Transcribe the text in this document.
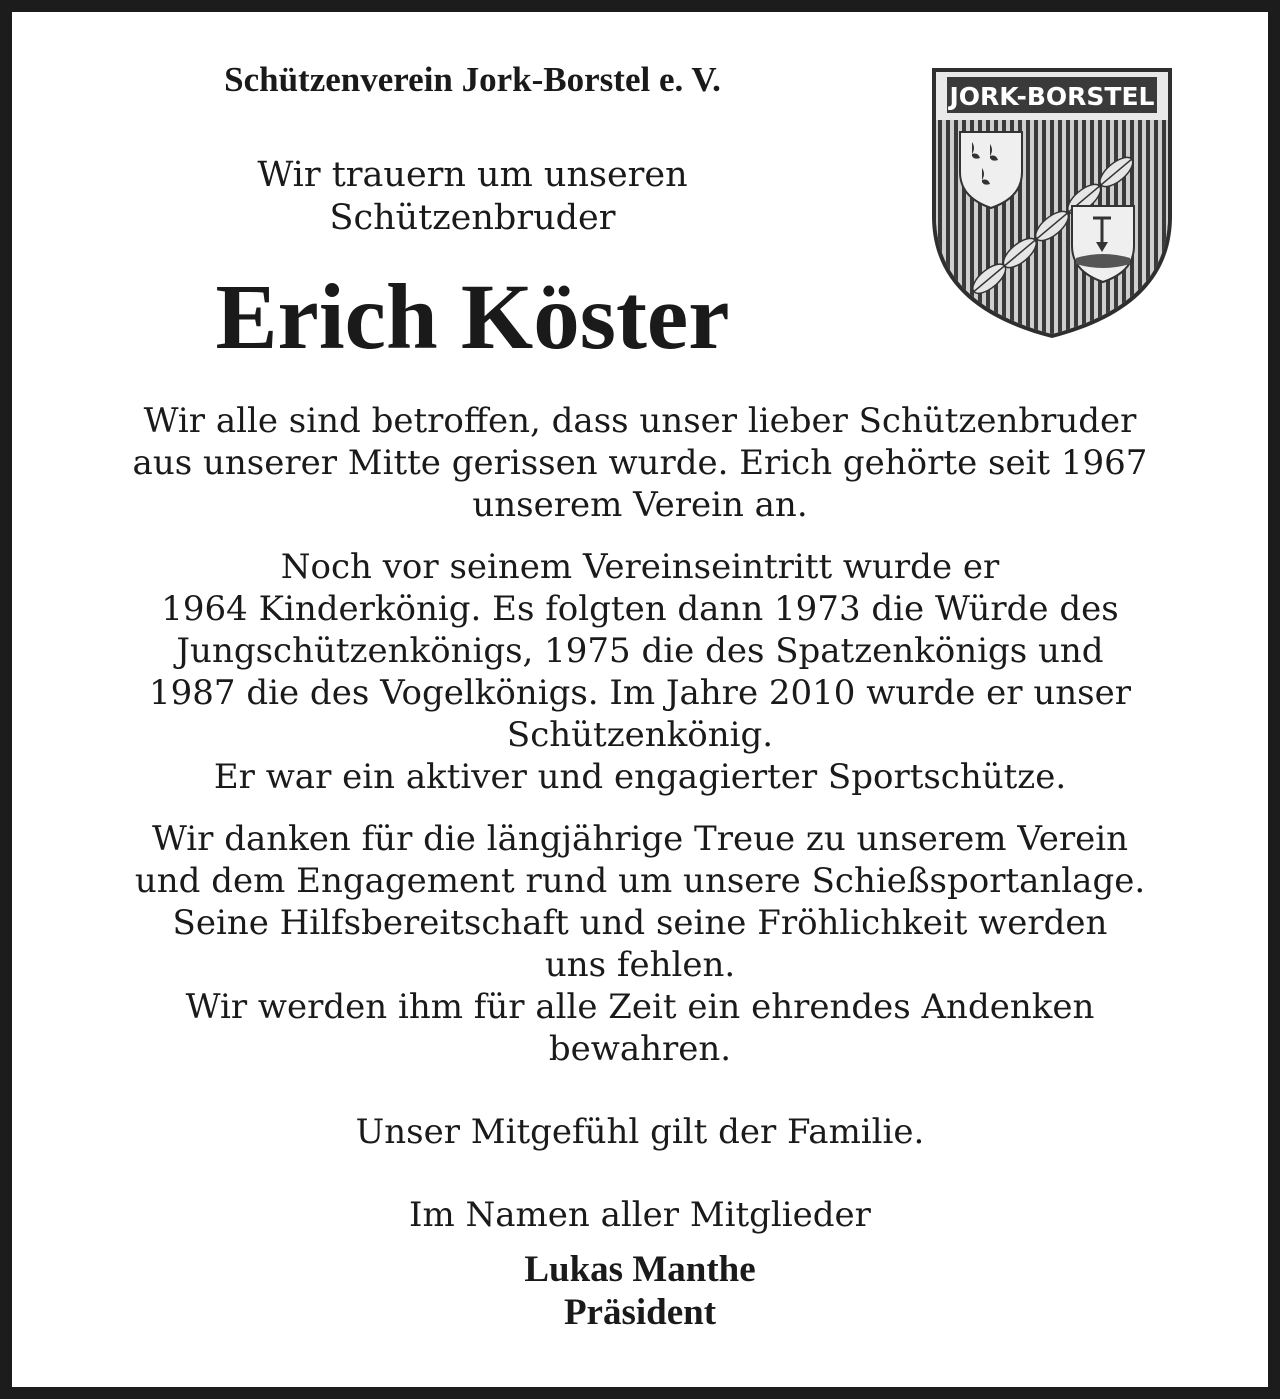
Schützenverein Jork-Borstel e. V.
Wir trauern um unseren
Schützenbruder
Erich Köster
JORK-BORSTEL
Wir alle sind betroffen, dass unser lieber Schützenbruder
aus unserer Mitte gerissen wurde. Erich gehörte seit 1967
unserem Verein an.
Noch vor seinem Vereinseintritt wurde er
1964 Kinderkönig. Es folgten dann 1973 die Würde des
Jungschützenkönigs, 1975 die des Spatzenkönigs und
1987 die des Vogelkönigs. Im Jahre 2010 wurde er unser
Schützenkönig.
Er war ein aktiver und engagierter Sportschütze.
Wir danken für die längjährige Treue zu unserem Verein
und dem Engagement rund um unsere Schießsportanlage.
Seine Hilfsbereitschaft und seine Fröhlichkeit werden
uns fehlen.
Wir werden ihm für alle Zeit ein ehrendes Andenken
bewahren.
Unser Mitgefühl gilt der Familie.
Im Namen aller Mitglieder
Lukas Manthe
Präsident
